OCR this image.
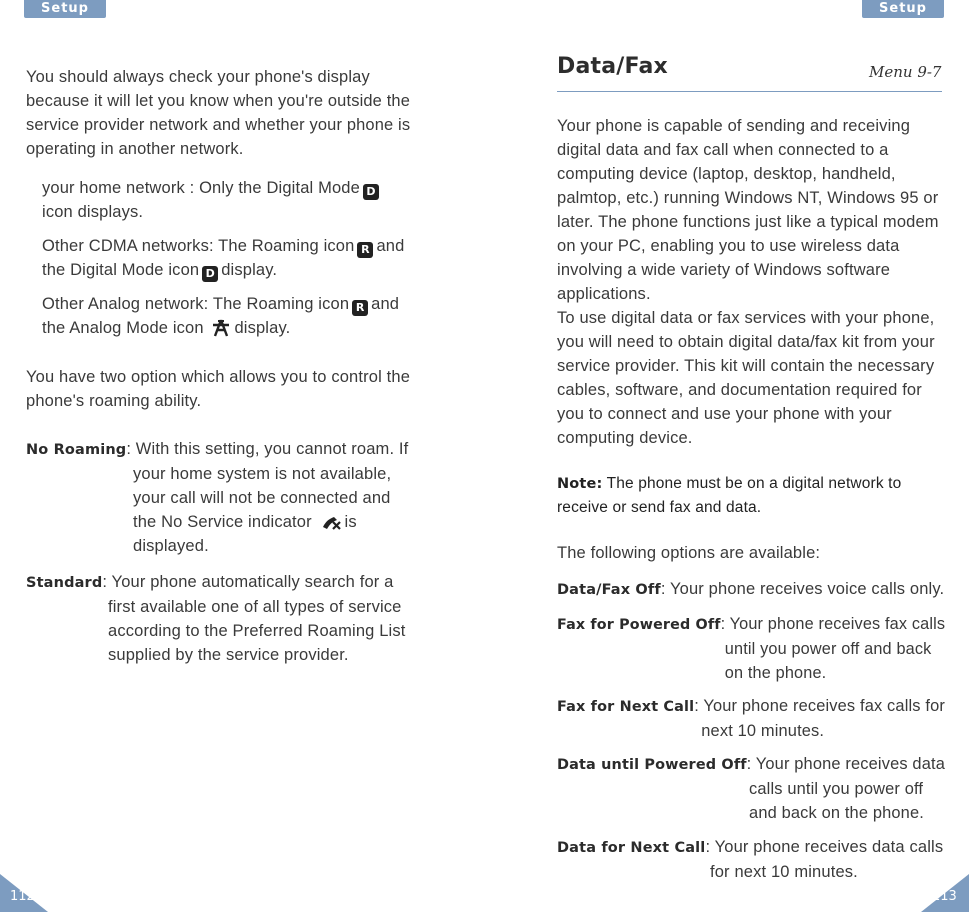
Setup	Setup
You should always check your phone's display
because it will let you know when you're outside the
service provider network and whether your phone is
operating in another network.
your home network : Only the Digital Mode D
icon displays.
Other CDMA networks: The Roaming icon R and
the Digital Mode icon D display.
Other Analog network: The Roaming icon R and
the Analog Mode icon display.
You have two option which allows you to control the
phone's roaming ability.
No Roaming: With this setting, you cannot roam. If
your home system is not available,
your call will not be connected and
the No Service indicator is
displayed.
Standard: Your phone automatically search for a
first available one of all types of service
according to the Preferred Roaming List
supplied by the service provider.
Data/Fax	Menu 9-7
Your phone is capable of sending and receiving
digital data and fax call when connected to a
computing device (laptop, desktop, handheld,
palmtop, etc.) running Windows NT, Windows 95 or
later. The phone functions just like a typical modem
on your PC, enabling you to use wireless data
involving a wide variety of Windows software
applications.
To use digital data or fax services with your phone,
you will need to obtain digital data/fax kit from your
service provider. This kit will contain the necessary
cables, software, and documentation required for
you to connect and use your phone with your
computing device.
Note: The phone must be on a digital network to
receive or send fax and data.
The following options are available:
Data/Fax Off: Your phone receives voice calls only.
Fax for Powered Off: Your phone receives fax calls
until you power off and back
on the phone.
Fax for Next Call: Your phone receives fax calls for
next 10 minutes.
Data until Powered Off: Your phone receives data
calls until you power off
and back on the phone.
Data for Next Call: Your phone receives data calls
for next 10 minutes.
112	113
